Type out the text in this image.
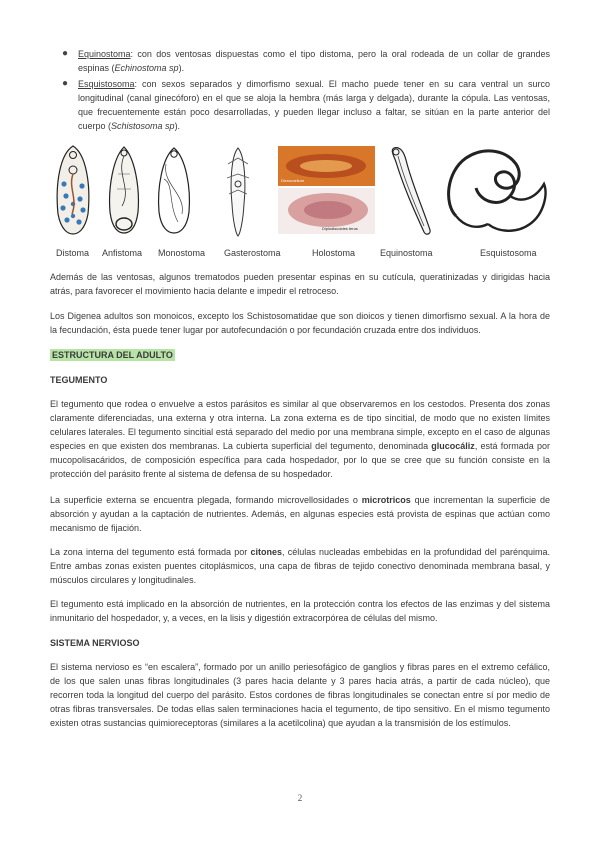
● Equinostoma: con dos ventosas dispuestas como el tipo distoma, pero la oral rodeada de un collar de grandes espinas (Echinostoma sp).
● Esquistosoma: con sexos separados y dimorfismo sexual. El macho puede tener en su cara ventral un surco longitudinal (canal ginecóforo) en el que se aloja la hembra (más larga y delgada), durante la cópula. Las ventosas, que frecuentemente están poco desarrolladas, y pueden llegar incluso a faltar, se sitúan en la parte anterior del cuerpo (Schistosoma sp).
Dicrocoelium
Diplodiscoides terus
Distoma Anfistoma Monostoma Gasterostoma	Holostoma	Equinostoma	Esquistosoma

Además de las ventosas, algunos trematodos pueden presentar espinas en su cutícula, queratinizadas y dirigidas hacia atrás, para favorecer el movimiento hacia delante e impedir el retroceso.

Los Digenea adultos son monoicos, excepto los Schistosomatidae que son dioicos y tienen dimorfismo sexual. A la hora de la fecundación, ésta puede tener lugar por autofecundación o por fecundación cruzada entre dos individuos.

ESTRUCTURA DEL ADULTO
TEGUMENTO

El tegumento que rodea o envuelve a estos parásitos es similar al que observaremos en los cestodos. Presenta dos zonas claramente diferenciadas, una externa y otra interna. La zona externa es de tipo sincitial, de modo que no existen límites celulares laterales. El tegumento sincitial está separado del medio por una membrana simple, excepto en el caso de algunas especies en que existen dos membranas. La cubierta superficial del tegumento, denominada glucocáliz, está formada por mucopolisacáridos, de composición específica para cada hospedador, por lo que se cree que su función consiste en la protección del parásito frente al sistema de defensa de su hospedador.

La superficie externa se encuentra plegada, formando microvellosidades o microtricos que incrementan la superficie de absorción y ayudan a la captación de nutrientes. Además, en algunas especies está provista de espinas que actúan como mecanismo de fijación.

La zona interna del tegumento está formada por citones, células nucleadas embebidas en la profundidad del parénquima. Entre ambas zonas existen puentes citoplásmicos, una capa de fibras de tejido conectivo denominada membrana basal, y músculos circulares y longitudinales.

El tegumento está implicado en la absorción de nutrientes, en la protección contra los efectos de las enzimas y del sistema inmunitario del hospedador, y, a veces, en la lisis y digestión extracorpórea de células del mismo.

SISTEMA NERVIOSO

El sistema nervioso es “en escalera”, formado por un anillo periesofágico de ganglios y fibras pares en el extremo cefálico, de los que salen unas fibras longitudinales (3 pares hacia delante y 3 pares hacia atrás, a partir de cada núcleo), que recorren toda la longitud del cuerpo del parásito. Estos cordones de fibras longitudinales se conectan entre sí por medio de otras fibras transversales. De todas ellas salen terminaciones hacia el tegumento, de tipo sensitivo. En el mismo tegumento existen otras sustancias quimioreceptoras (similares a la acetilcolina) que ayudan a la transmisión de los estímulos.

2
